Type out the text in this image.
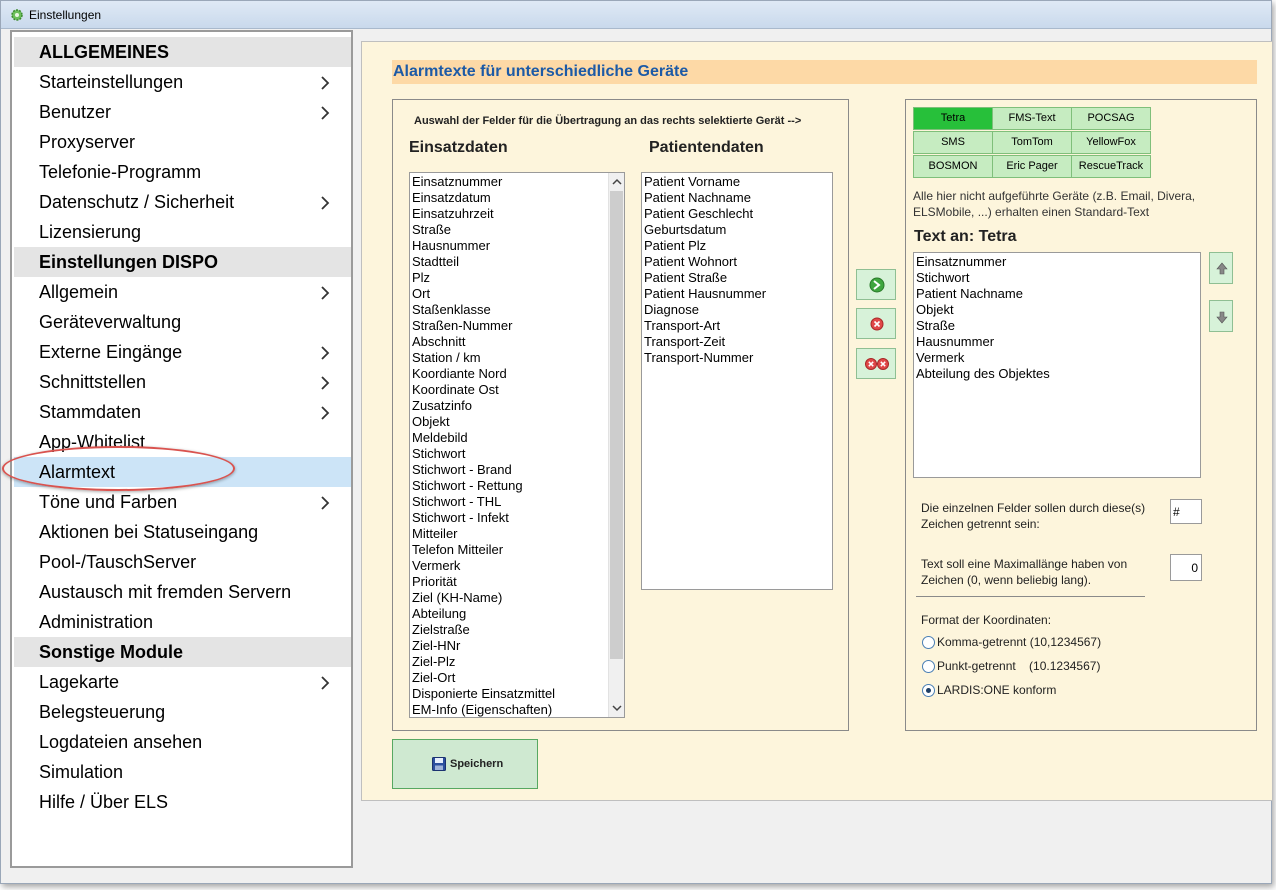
Einstellungen
ALLGEMEINES
Starteinstellungen
Benutzer
Proxyserver
Telefonie-Programm
Datenschutz / Sicherheit
Lizensierung
Einstellungen DISPO
Allgemein
Geräteverwaltung
Externe Eingänge
Schnittstellen
Stammdaten
App-Whitelist
Alarmtext
Töne und Farben
Aktionen bei Statuseingang
Pool-/TauschServer
Austausch mit fremden Servern
Administration
Sonstige Module
Lagekarte
Belegsteuerung
Logdateien ansehen
Simulation
Hilfe / Über ELS
Alarmtexte für unterschiedliche Geräte
Auswahl der Felder für die Übertragung an das rechts selektierte Gerät -->
Einsatzdaten	Patientendaten
Einsatznummer
Einsatzdatum
Einsatzuhrzeit
Straße
Hausnummer
Stadtteil
Plz
Ort
Staßenklasse
Straßen-Nummer
Abschnitt
Station / km
Koordiante Nord
Koordinate Ost
Zusatzinfo
Objekt
Meldebild
Stichwort
Stichwort - Brand
Stichwort - Rettung
Stichwort - THL
Stichwort - Infekt
Mitteiler
Telefon Mitteiler
Vermerk
Priorität
Ziel (KH-Name)
Abteilung
Zielstraße
Ziel-HNr
Ziel-Plz
Ziel-Ort
Disponierte Einsatzmittel
EM-Info (Eigenschaften)
Patient Vorname
Patient Nachname
Patient Geschlecht
Geburtsdatum
Patient Plz
Patient Wohnort
Patient Straße
Patient Hausnummer
Diagnose
Transport-Art
Transport-Zeit
Transport-Nummer
Tetra	FMS-Text	POCSAG
SMS	TomTom	YellowFox
BOSMON	Eric Pager	RescueTrack
Alle hier nicht aufgeführte Geräte (z.B. Email, Divera, ELSMobile, ...) erhalten einen Standard-Text
Text an: Tetra
Einsatznummer
Stichwort
Patient Nachname
Objekt
Straße
Hausnummer
Vermerk
Abteilung des Objektes
Die einzelnen Felder sollen durch diese(s) Zeichen getrennt sein:
#
Text soll eine Maximallänge haben von Zeichen (0, wenn beliebig lang).
0
Format der Koordinaten:
Komma-getrennt (10,1234567)
Punkt-getrennt    (10.1234567)
LARDIS:ONE konform
Speichern
